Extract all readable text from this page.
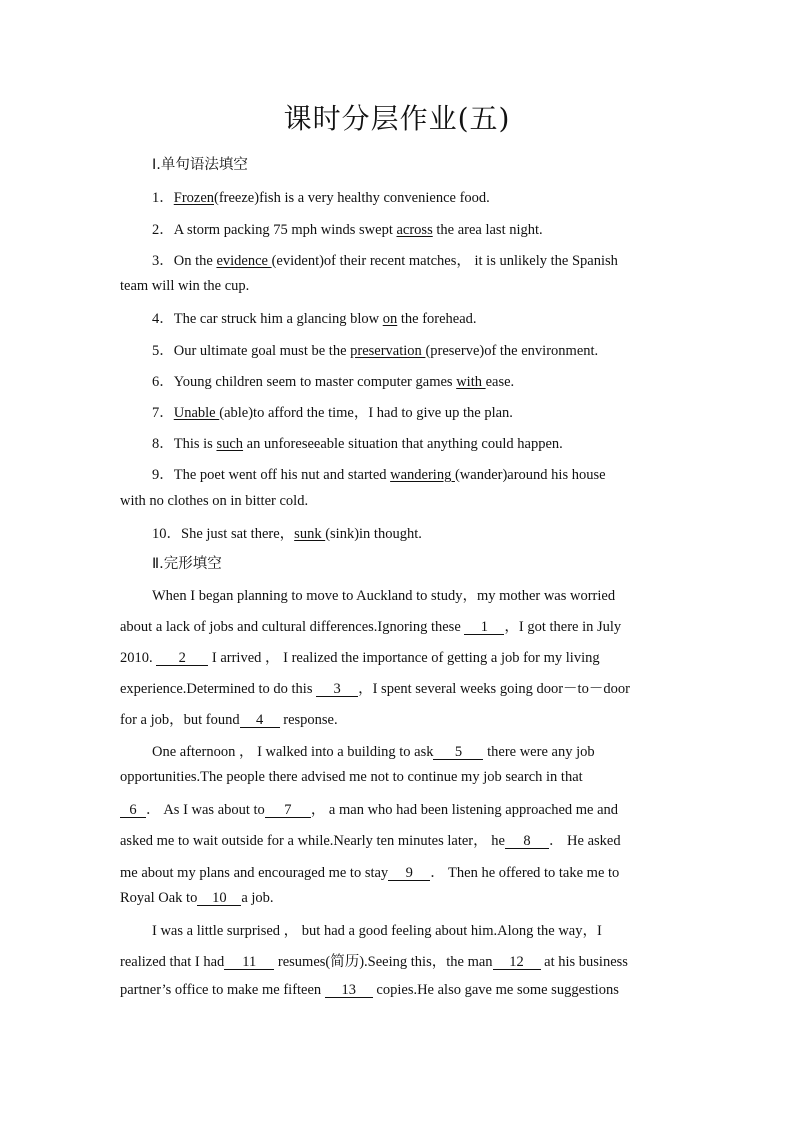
课时分层作业(五)
Ⅰ.单句语法填空
1．Frozen(freeze)fish is a very healthy convenience food.
2．A storm packing 75 mph winds swept across the area last night.
3．On the evidence (evident)of their recent matches， it is unlikely the Spanish
team will win the cup.
4．The car struck him a glancing blow on the forehead.
5．Our ultimate goal must be the preservation (preserve)of the environment.
6．Young children seem to master computer games with ease.
7．Unable (able)to afford the time，I had to give up the plan.
8．This is such an unforeseeable situation that anything could happen.
9．The poet went off his nut and started wandering (wander)around his house
with no clothes on in bitter cold.
10．She just sat there，sunk (sink)in thought.
Ⅱ.完形填空
When I began planning to move to Auckland to study，my mother was worried
about a lack of jobs and cultural differences.Ignoring these 1 ，I got there in July
2010. 2 I arrived ， I realized the importance of getting a job for my living
experience.Determined to do this 3 ，I spent several weeks going door－to－door
for a job，but found 4 response.
One afternoon ， I walked into a building to ask 5 there were any job
opportunities.The people there advised me not to continue my job search in that
6 ． As I was about to 7 ， a man who had been listening approached me and
asked me to wait outside for a while.Nearly ten minutes later， he 8 ． He asked
me about my plans and encouraged me to stay 9 ． Then he offered to take me to
Royal Oak to 10 a job.
I was a little surprised ， but had a good feeling about him.Along the way，I
realized that I had 11 resumes(简历).Seeing this，the man 12 at his business
partner’s office to make me fifteen 13 copies.He also gave me some suggestions
